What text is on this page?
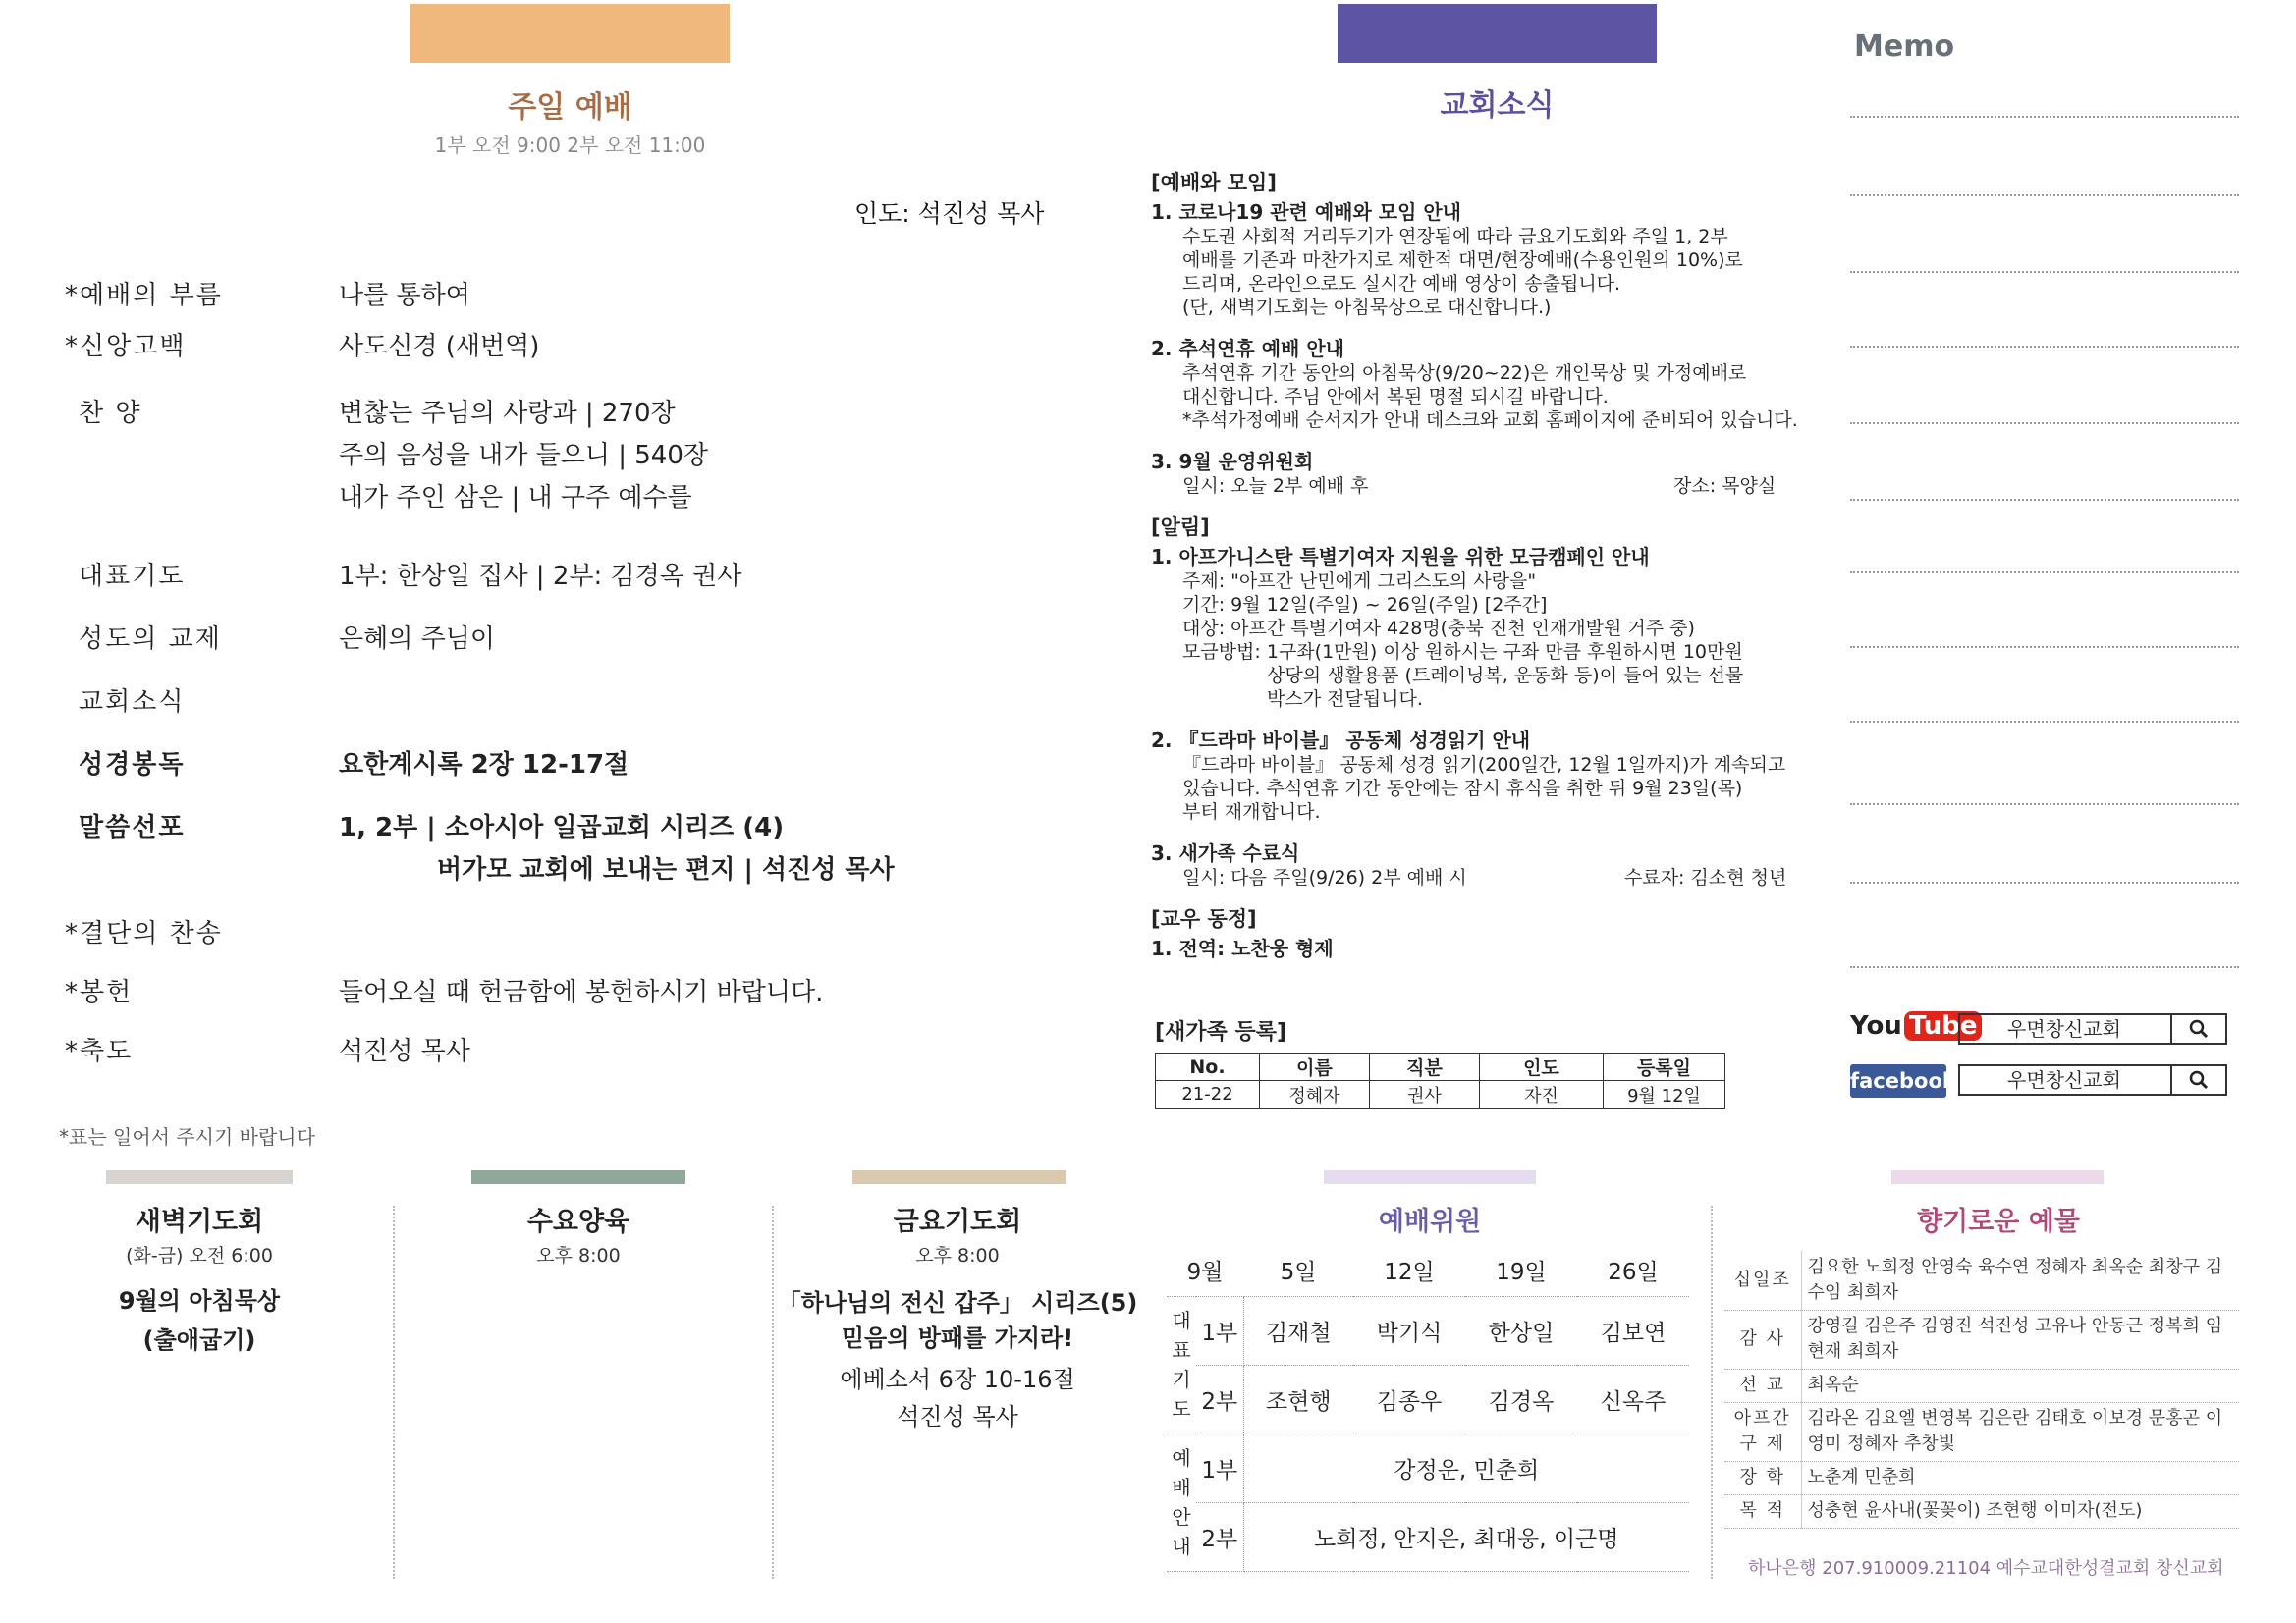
주일 예배
1부 오전 9:00 2부 오전 11:00
인도: 석진성 목사
*예배의 부름	나를 통하여
*신앙고백	사도신경 (새번역)
찬 양	변찮는 주님의 사랑과 | 270장
주의 음성을 내가 들으니 | 540장
내가 주인 삼은 | 내 구주 예수를
대표기도	1부: 한상일 집사 | 2부: 김경옥 권사
성도의 교제	은혜의 주님이
교회소식
성경봉독	요한계시록 2장 12-17절
말씀선포	1, 2부 | 소아시아 일곱교회 시리즈 (4)
버가모 교회에 보내는 편지 | 석진성 목사
*결단의 찬송
*봉헌	들어오실 때 헌금함에 봉헌하시기 바랍니다.
*축도	석진성 목사
*표는 일어서 주시기 바랍니다
교회소식
[예배와 모임]
1. 코로나19 관련 예배와 모임 안내
수도권 사회적 거리두기가 연장됨에 따라 금요기도회와 주일 1, 2부
예배를 기존과 마찬가지로 제한적 대면/현장예배(수용인원의 10%)로
드리며, 온라인으로도 실시간 예배 영상이 송출됩니다.
(단, 새벽기도회는 아침묵상으로 대신합니다.)
2. 추석연휴 예배 안내
추석연휴 기간 동안의 아침묵상(9/20~22)은 개인묵상 및 가정예배로
대신합니다. 주님 안에서 복된 명절 되시길 바랍니다.
*추석가정예배 순서지가 안내 데스크와 교회 홈페이지에 준비되어 있습니다.
3. 9월 운영위원회
일시: 오늘 2부 예배 후	장소: 목양실
[알림]
1. 아프가니스탄 특별기여자 지원을 위한 모금캠페인 안내
주제: "아프간 난민에게 그리스도의 사랑을"
기간: 9월 12일(주일) ~ 26일(주일) [2주간]
대상: 아프간 특별기여자 428명(충북 진천 인재개발원 거주 중)
모금방법: 1구좌(1만원) 이상 원하시는 구좌 만큼 후원하시면 10만원
상당의 생활용품 (트레이닝복, 운동화 등)이 들어 있는 선물
박스가 전달됩니다.
2. 『드라마 바이블』 공동체 성경읽기 안내
『드라마 바이블』 공동체 성경 읽기(200일간, 12월 1일까지)가 계속되고
있습니다. 추석연휴 기간 동안에는 잠시 휴식을 취한 뒤 9월 23일(목)
부터 재개합니다.
3. 새가족 수료식
일시: 다음 주일(9/26) 2부 예배 시	수료자: 김소현 청년
[교우 동정]
1. 전역: 노찬웅 형제
[새가족 등록]
No.	이름	직분	인도	등록일
21-22	정혜자	권사	자진	9월 12일
Memo
You Tube	우면창신교회
facebook	우면창신교회
새벽기도회
(화-금) 오전 6:00
9월의 아침묵상
(출애굽기)
수요양육
오후 8:00
금요기도회
오후 8:00
「하나님의 전신 갑주」 시리즈(5)
믿음의 방패를 가지라!
에베소서 6장 10-16절
석진성 목사
예배위원
9월		5일	12일	19일	26일

대
표
기
도	1부	김재철	박기식	한상일	김보연
	2부	조현행	김종우	김경옥	신옥주

예
배
안
내	1부	강정운, 민춘희			
	2부	노희정, 안지은, 최대웅, 이근명			
향기로운 예물
십일조	김요한 노희정 안영숙 육수연 정혜자 최옥순 최창구 김수임 최희자
감 사	강영길 김은주 김영진 석진성 고유나 안동근 정복희 임현재 최희자
선 교	최옥순
아프간 구 제	김라온 김요엘 변영복 김은란 김태호 이보경 문홍곤 이영미 정혜자 추창빛
장 학	노춘계 민춘희
목 적	성충현 윤사내(꽃꽂이) 조현행 이미자(전도)
하나은행 207.910009.21104 예수교대한성결교회 창신교회
